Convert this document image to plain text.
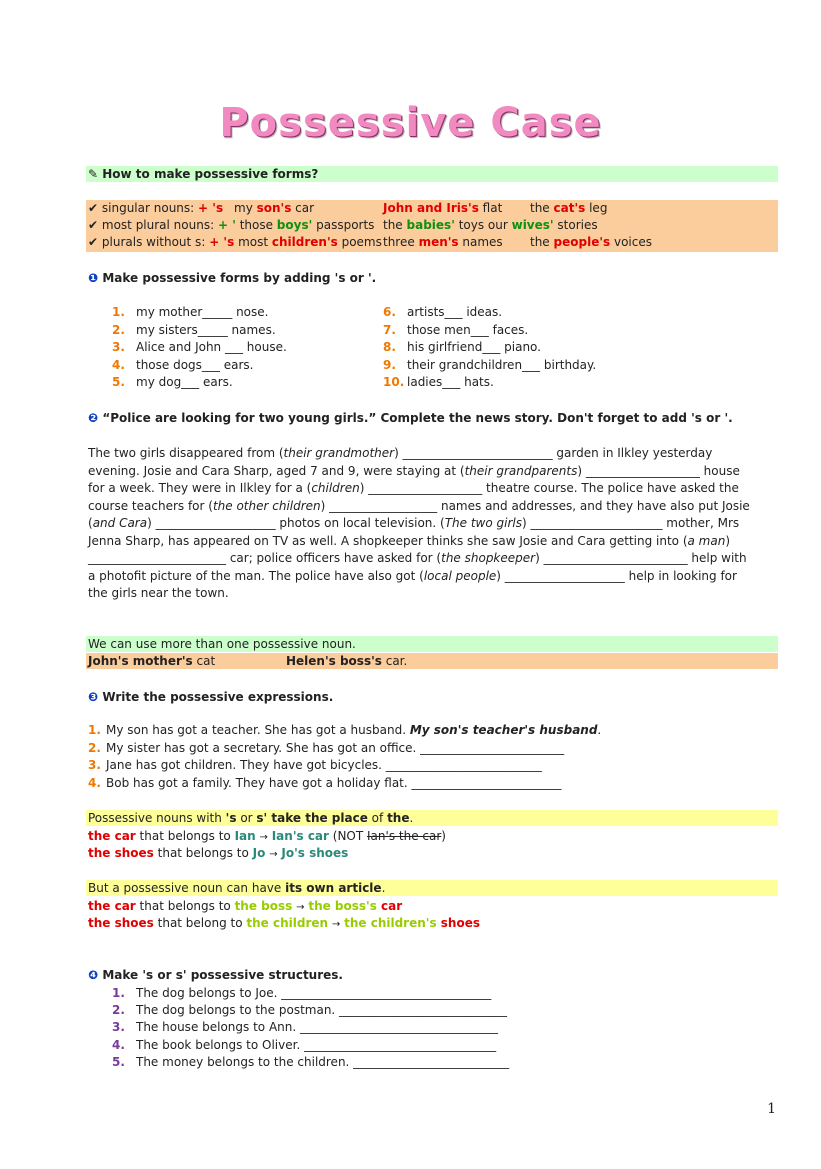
Possessive Case
✎ How to make possessive forms?
✔ singular nouns: + 's my son's car	John and Iris's flat the cat's leg
✔ most plural nouns: + ' those boys' passports the babies' toys our wives' stories
✔ plurals without s: + 's most children's poems three men's names the people's voices
❶ Make possessive forms by adding 's or '.
1. my mother_____ nose.
2. my sisters_____ names.
3. Alice and John ___ house.
4. those dogs___ ears.
5. my dog___ ears.
6. artists___ ideas.
7. those men___ faces.
8. his girlfriend___ piano.
9. their grandchildren___ birthday.
10. ladies___ hats.
❷ “Police are looking for two young girls.” Complete the news story. Don't forget to add 's or '.
The two girls disappeared from (their grandmother) _________________________ garden in Ilkley yesterday evening. Josie and Cara Sharp, aged 7 and 9, were staying at (their grandparents) ___________________ house for a week. They were in Ilkley for a (children) ___________________ theatre course. The police have asked the course teachers for (the other children) __________________ names and addresses, and they have also put Josie (and Cara) ____________________ photos on local television. (The two girls) ______________________ mother, Mrs Jenna Sharp, has appeared on TV as well. A shopkeeper thinks she saw Josie and Cara getting into (a man) _______________________ car; police officers have asked for (the shopkeeper) ________________________ help with a photofit picture of the man. The police have also got (local people) ____________________ help in looking for the girls near the town.
We can use more than one possessive noun.
John's mother's cat	Helen's boss's car.
❸ Write the possessive expressions.
1. My son has got a teacher. She has got a husband. My son's teacher's husband.
2. My sister has got a secretary. She has got an office. ________________________
3. Jane has got children. They have got bicycles. __________________________
4. Bob has got a family. They have got a holiday flat. _________________________
Possessive nouns with 's or s' take the place of the.
the car that belongs to Ian → Ian's car (NOT Ian's the car)
the shoes that belongs to Jo → Jo's shoes
But a possessive noun can have its own article.
the car that belongs to the boss → the boss's car
the shoes that belong to the children → the children's shoes
❹ Make 's or s' possessive structures.
1. The dog belongs to Joe. ___________________________________
2. The dog belongs to the postman. ____________________________
3. The house belongs to Ann. _________________________________
4. The book belongs to Oliver. ________________________________
5. The money belongs to the children. __________________________
1
